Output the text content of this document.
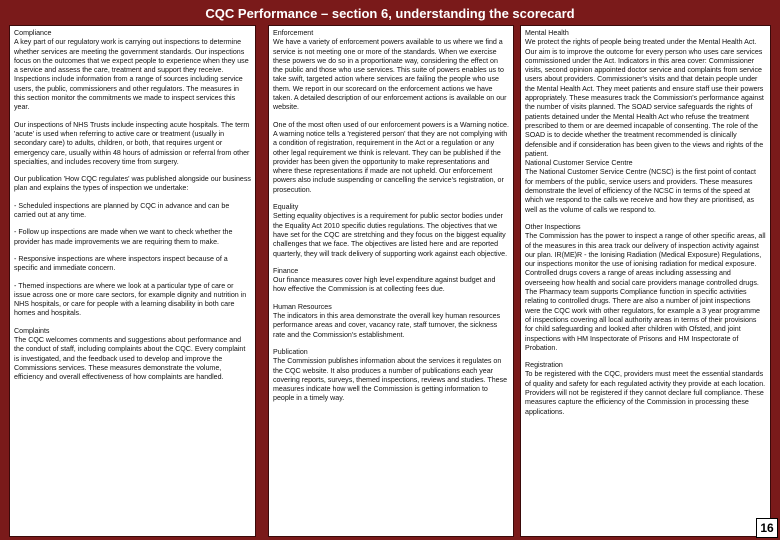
CQC Performance – section 6, understanding the scorecard
Compliance

A key part of our regulatory work is carrying out inspections to determine whether services are meeting the government standards. Our inspections focus on the outcomes that we expect people to experience when they use a service and assess the care, treatment and support they receive. Inspections include information from a range of sources including service users, the public, commissioners and other regulators. The measures in this section monitor the commitments we made to inspect services this year.

Our inspections of NHS Trusts include inspecting acute hospitals. The term 'acute' is used when referring to active care or treatment (usually in secondary care) to adults, children, or both, that requires urgent or emergency care, usually within 48 hours of admission or referral from other specialties, and includes recovery time from surgery.

Our publication 'How CQC regulates' was published alongside our business plan and explains the types of inspection we undertake:

- Scheduled inspections are planned by CQC in advance and can be carried out at any time.

- Follow up inspections are made when we want to check whether the provider has made improvements we are requiring them to make.

- Responsive inspections are where inspectors inspect because of a specific and immediate concern.

- Themed inspections are where we look at a particular type of care or issue across one or more care sectors, for example dignity and nutrition in NHS hospitals, or care for people with a learning disability in both care homes and hospitals.

Complaints

The CQC welcomes comments and suggestions about performance and the conduct of staff, including complaints about the CQC. Every complaint is investigated, and the feedback used to develop and improve the Commissions services. These measures demonstrate the volume, efficiency and overall effectiveness of how complaints are handled.

Enforcement

We have a variety of enforcement powers available to us where we find a service is not meeting one or more of the standards. When we exercise these powers we do so in a proportionate way, considering the effect on the public and those who use services. This suite of powers enables us to take swift, targeted action where services are failing the people who use them. We report in our scorecard on the enforcement actions we have taken. A detailed description of our enforcement actions is available on our website.

One of the most often used of our enforcement powers is a Warning notice. A warning notice tells a 'registered person' that they are not complying with a condition of registration, requirement in the Act or a regulation or any other legal requirement we think is relevant. They can be published if the provider has been given the opportunity to make representations and where these representations if made are not upheld. Our enforcement powers also include suspending or cancelling the service's registration, or prosecution.

Equality

Setting equality objectives is a requirement for public sector bodies under the Equality Act 2010 specific duties regulations. The objectives that we have set for the CQC are stretching and they focus on the biggest equality challenges that we face. The objectives are listed here and are reported quarterly, they will track delivery of supporting work against each objective.

Finance

Our finance measures cover high level expenditure against budget and how effective the Commission is at collecting fees due.

Human Resources

The indicators in this area demonstrate the overall key human resources performance areas and cover, vacancy rate, staff turnover, the sickness rate and the Commission's establishment.

Publication

The Commission publishes information about the services it regulates on the CQC website. It also produces a number of publications each year covering reports, surveys, themed inspections, reviews and studies. These measures indicate how well the Commission is getting information to people in a timely way.

Mental Health
We protect the rights of people being treated under the Mental Health Act. Our aim is to improve the outcome for every person who uses care services commissioned under the Act. Indicators in this area cover: Commissioner visits, second opinion appointed doctor service and complaints from service users about providers. Commissioner's visits and that detain people under the Mental Health Act. They meet patients and ensure staff use their powers appropriately. These measures track the Commission's performance against the number of visits planned. The SOAD service safeguards the rights of patients detained under the Mental Health Act who refuse the treatment prescribed to them or are deemed incapable of consenting. The role of the SOAD is to decide whether the treatment recommended is clinically defensible and if consideration has been given to the views and rights of the patient.
National Customer Service Centre

The National Customer Service Centre (NCSC) is the first point of contact for members of the public, service users and providers. These measures demonstrate the level of efficiency of the NCSC in terms of the speed at which we respond to the calls we receive and how they are prioritised, as well as the volume of calls we respond to.

Other Inspections

The Commission has the power to inspect a range of other specific areas, all of the measures in this area track our delivery of inspection activity against our plan. IR(ME)R - the Ionising Radiation (Medical Exposure) Regulations, our inspections monitor the use of ionising radiation for medical exposure. Controlled drugs covers a range of areas including assessing and overseeing how health and social care providers manage controlled drugs. The Pharmacy team supports Compliance function in specific activities relating to controlled drugs. There are also a number of joint inspections were the CQC work with other regulators, for example a 3 year programme of inspections covering all local authority areas in terms of their provisions for child safeguarding and looked after children with Ofsted, and joint inspections with HM Inspectorate of Prisons and HM Inspectorate of Probation.

Registration

To be registered with the CQC, providers must meet the essential standards of quality and safety for each regulated activity they provide at each location. Providers will not be registered if they cannot declare full compliance. These measures capture the efficiency of the Commission in processing these applications.

16
